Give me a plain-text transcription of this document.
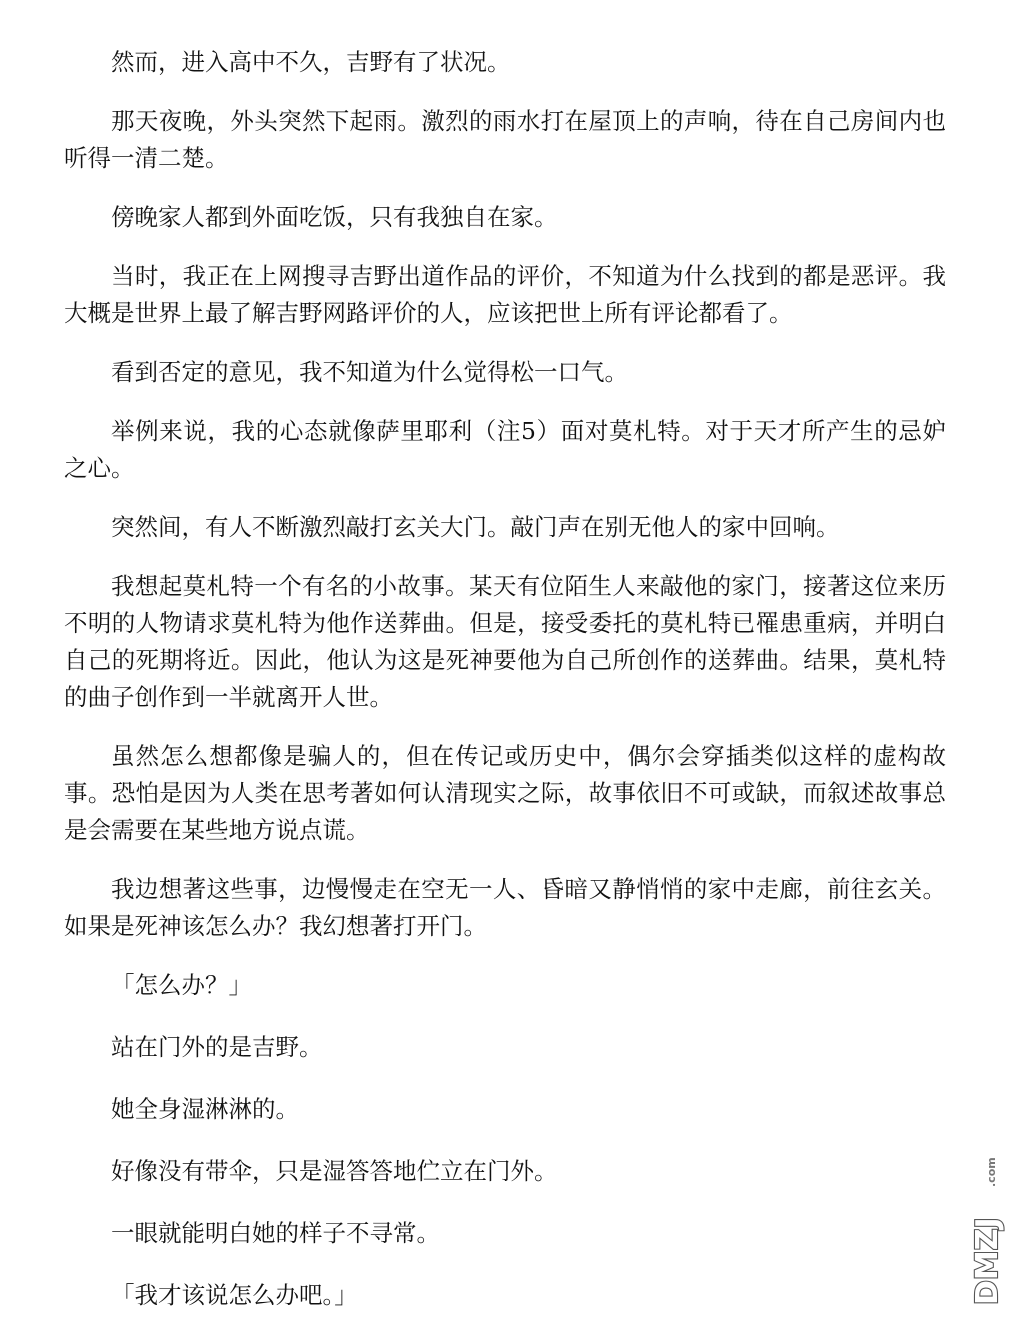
然而，进入高中不久，吉野有了状况。

那天夜晚，外头突然下起雨。激烈的雨水打在屋顶上的声响，待在自己房间内也听得一清二楚。

傍晚家人都到外面吃饭，只有我独自在家。

当时，我正在上网搜寻吉野出道作品的评价，不知道为什么找到的都是恶评。我大概是世界上最了解吉野网路评价的人，应该把世上所有评论都看了。

看到否定的意见，我不知道为什么觉得松一口气。

举例来说，我的心态就像萨里耶利（注5）面对莫札特。对于天才所产生的忌妒之心。

突然间，有人不断激烈敲打玄关大门。敲门声在别无他人的家中回响。

我想起莫札特一个有名的小故事。某天有位陌生人来敲他的家门，接著这位来历不明的人物请求莫札特为他作送葬曲。但是，接受委托的莫札特已罹患重病，并明白自己的死期将近。因此，他认为这是死神要他为自己所创作的送葬曲。结果，莫札特的曲子创作到一半就离开人世。

虽然怎么想都像是骗人的，但在传记或历史中，偶尔会穿插类似这样的虚构故事。恐怕是因为人类在思考著如何认清现实之际，故事依旧不可或缺，而叙述故事总是会需要在某些地方说点谎。

我边想著这些事，边慢慢走在空无一人、昏暗又静悄悄的家中走廊，前往玄关。如果是死神该怎么办？我幻想著打开门。

「怎么办？」

站在门外的是吉野。

她全身湿淋淋的。

好像没有带伞，只是湿答答地伫立在门外。

一眼就能明白她的样子不寻常。

「我才该说怎么办吧。」	DMZJ
.com
